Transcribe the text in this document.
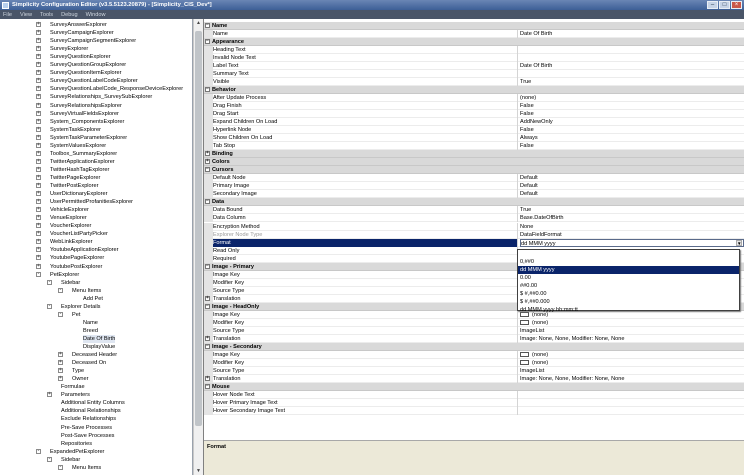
Simplicity Configuration Editor (v3.5.5123.20879) - [Simplicity_CIS_Dev*]	–	□	×
File View Tools Debug Window
+ SurveyAnswerExplorer
+ SurveyCampaignExplorer
+ SurveyCampaignSegmentExplorer
+ SurveyExplorer
+ SurveyQuestionExplorer
+ SurveyQuestionGroupExplorer
+ SurveyQuestionItemExplorer
+ SurveyQuestionLabelCodeExplorer
+ SurveyQuestionLabelCode_ResponseDeviceExplorer
+ SurveyRelationships_SurveySubExplorer
+ SurveyRelationshipsExplorer
+ SurveyVirtualFieldsExplorer
+ System_ComponentsExplorer
+ SystemTaskExplorer
+ SystemTaskParameterExplorer
+ SystemValuesExplorer
+ Toolbox_SummaryExplorer
+ TwitterApplicationExplorer
+ TwitterHashTagExplorer
+ TwitterPageExplorer
+ TwitterPostExplorer
+ UserDictionaryExplorer
+ UserPermittedProfanitiesExplorer
+ VehicleExplorer
+ VenueExplorer
+ VoucherExplorer
+ VoucherListPartyPicker
+ WebLinkExplorer
+ YoutubeApplicationExplorer
+ YoutubePageExplorer
+ YoutubePostExplorer
- PetExplorer
- Sidebar
- Menu Items
Add Pet
- Explorer Details
- Pet
Name
Breed
Date Of Birth
DisplayValue
+ Deceased Header
+ Deceased On
+ Type
+ Owner
Formulae
+ Parameters
Additional Entity Columns
Additional Relationships
Exclude Relationships
Pre-Save Processes
Post-Save Processes
Repositories
- ExpandedPetExplorer
- Sidebar
- Menu Items
▲
▼
− Name
Name	Date Of Birth
− Appearance
Heading Text
Invalid Node Text
Label Text	Date Of Birth
Summary Text
Visible	True
− Behavior
After Update Process	(none)
Drag Finish	False
Drag Start	False
Expand Children On Load	AddNewOnly
Hyperlink Node	False
Show Children On Load	Always
Tab Stop	False
+ Binding
+ Colors
− Cursors
Default Node	Default
Primary Image	Default
Secondary Image	Default
− Data
Data Bound	True
Data Column	Base.DateOfBirth
Encryption Method	None
Explorer Node Type	DataFieldFormat
Format	dd MMM yyyy	▼
Read Only
Required
− Image - Primary
Image Key
Modifier Key
Source Type
+ Translation
− Image - HeadOnly
Image Key	(none)
Modifier Key	(none)
Source Type	ImageList
+ Translation	Image: None, None, Modifier: None, None
− Image - Secondary
Image Key	(none)
Modifier Key	(none)
Source Type	ImageList
+ Translation	Image: None, None, Modifier: None, None
− Mouse
Hover Node Text
Hover Primary Image Text
Hover Secondary Image Text
0,##0
dd MMM yyyy
0.00
##0.00
$ #,##0.00
$ #,##0.000
dd MMM yyyy hh:mm:tt
Format
